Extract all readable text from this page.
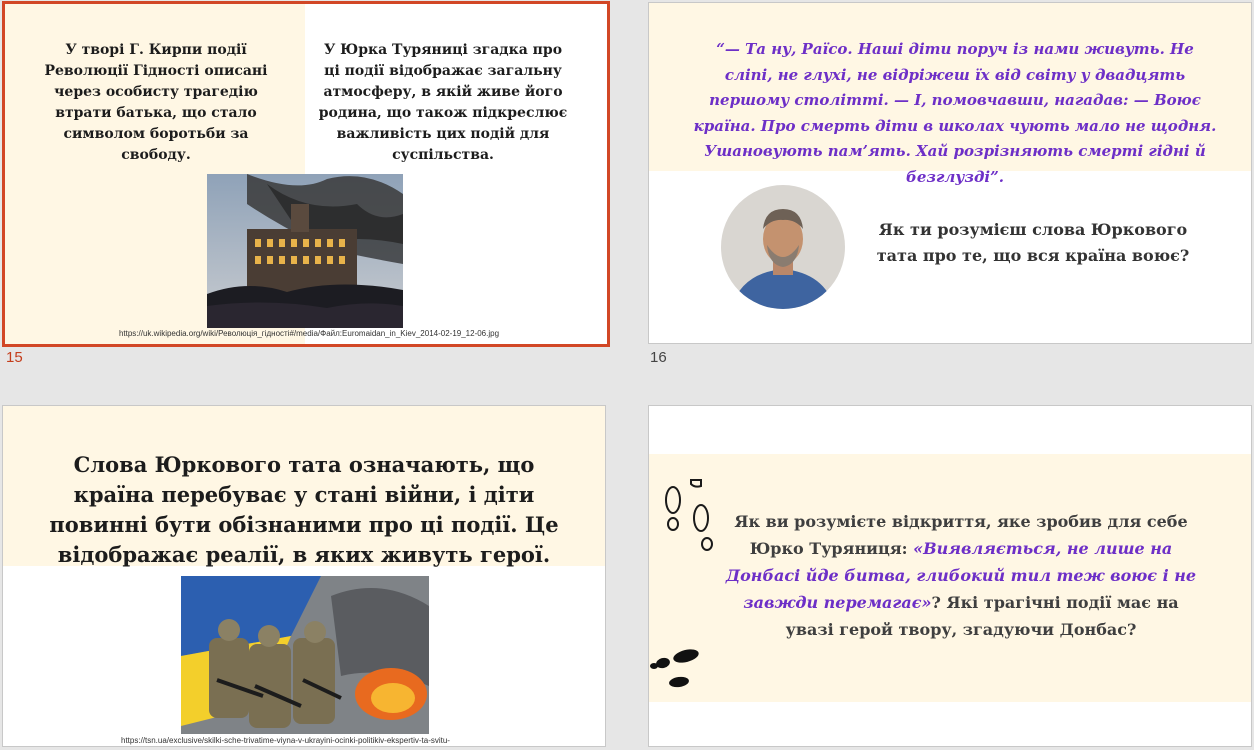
У творі Г. Кирпи події Революції Гідності описані через особисту трагедію втрати батька, що стало символом боротьби за свободу.
У Юрка Туряниці згадка про ці події відображає загальну атмосферу, в якій живе його родина, що також підкреслює важливість цих подій для суспільства.
https://uk.wikipedia.org/wiki/Революція_гідності#/media/Файл:Euromaidan_in_Kiev_2014-02-19_12-06.jpg
15
“— Та ну, Раїсо. Наші діти поруч із нами живуть. Не сліпі, не глухі, не відріжеш їх від світу у двадцять першому столітті. — І, помовчавши, нагадав: — Воює країна. Про смерть діти в школах чують мало не щодня. Ушановують пам’ять. Хай розрізняють смерті гідні й безглузді”.
Як ти розумієш слова Юркового тата про те, що вся країна воює?
16
Слова Юркового тата означають, що країна перебуває у стані війни, і діти повинні бути обізнаними про ці події. Це відображає реалії, в яких живуть герої.
https://tsn.ua/exclusive/skilki-sche-trivatime-viyna-v-ukrayini-ocinki-politikiv-ekspertiv-ta-svitu-
Як ви розумієте відкриття, яке зробив для себе Юрко Туряниця: «Виявляється, не лише на Донбасі йде битва, глибокий тил теж воює і не завжди перемагає»? Які трагічні події має на увазі герой твору, згадуючи Донбас?
